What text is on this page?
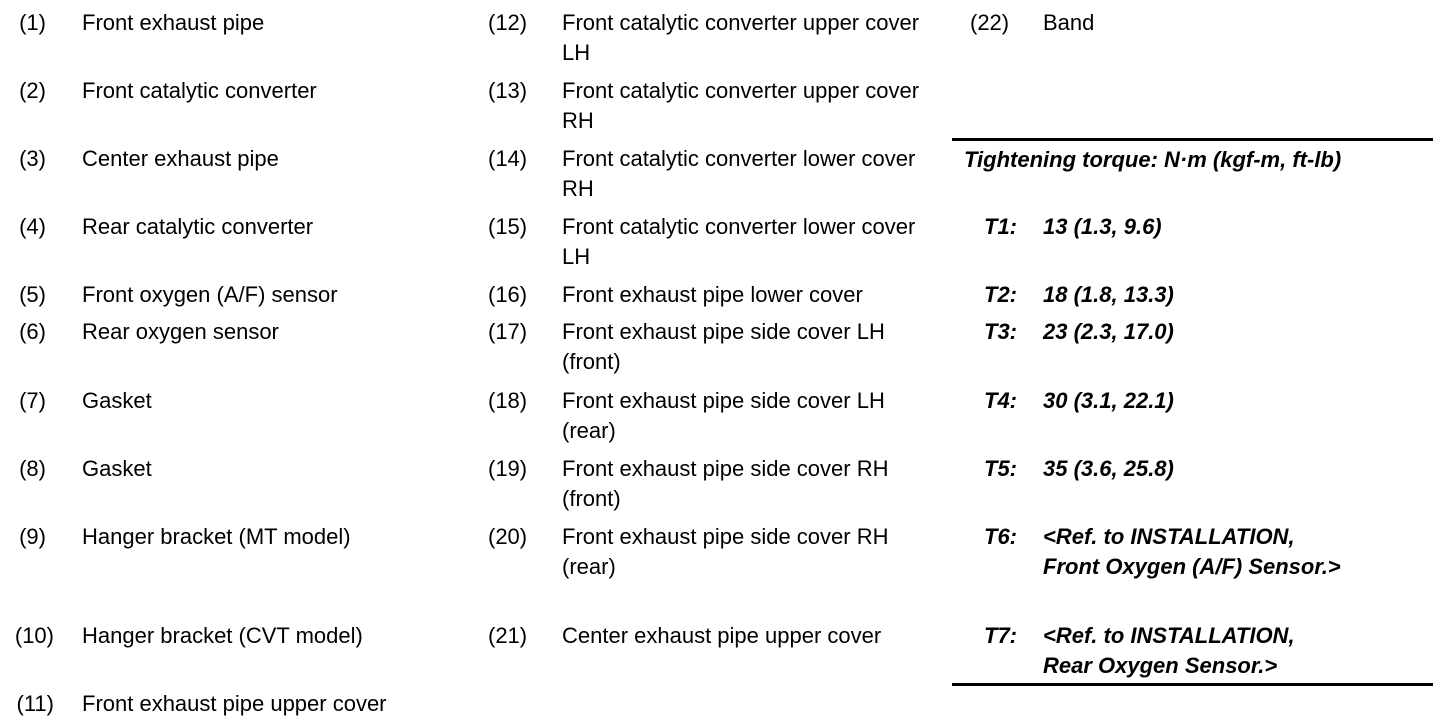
(1) Front exhaust pipe
(2) Front catalytic converter
(3) Center exhaust pipe
(4) Rear catalytic converter
(5) Front oxygen (A/F) sensor
(6) Rear oxygen sensor
(7) Gasket
(8) Gasket
(9) Hanger bracket (MT model)
(10) Hanger bracket (CVT model)
(11) Front exhaust pipe upper cover
(12) Front catalytic converter upper cover LH
(13) Front catalytic converter upper cover RH
(14) Front catalytic converter lower cover RH
(15) Front catalytic converter lower cover LH
(16) Front exhaust pipe lower cover
(17) Front exhaust pipe side cover LH (front)
(18) Front exhaust pipe side cover LH (rear)
(19) Front exhaust pipe side cover RH (front)
(20) Front exhaust pipe side cover RH (rear)
(21) Center exhaust pipe upper cover
(22) Band
Tightening torque: N·m (kgf-m, ft-lb)
T1: 13 (1.3, 9.6)
T2: 18 (1.8, 13.3)
T3: 23 (2.3, 17.0)
T4: 30 (3.1, 22.1)
T5: 35 (3.6, 25.8)
T6: <Ref. to INSTALLATION, Front Oxygen (A/F) Sensor.>
T7: <Ref. to INSTALLATION, Rear Oxygen Sensor.>
